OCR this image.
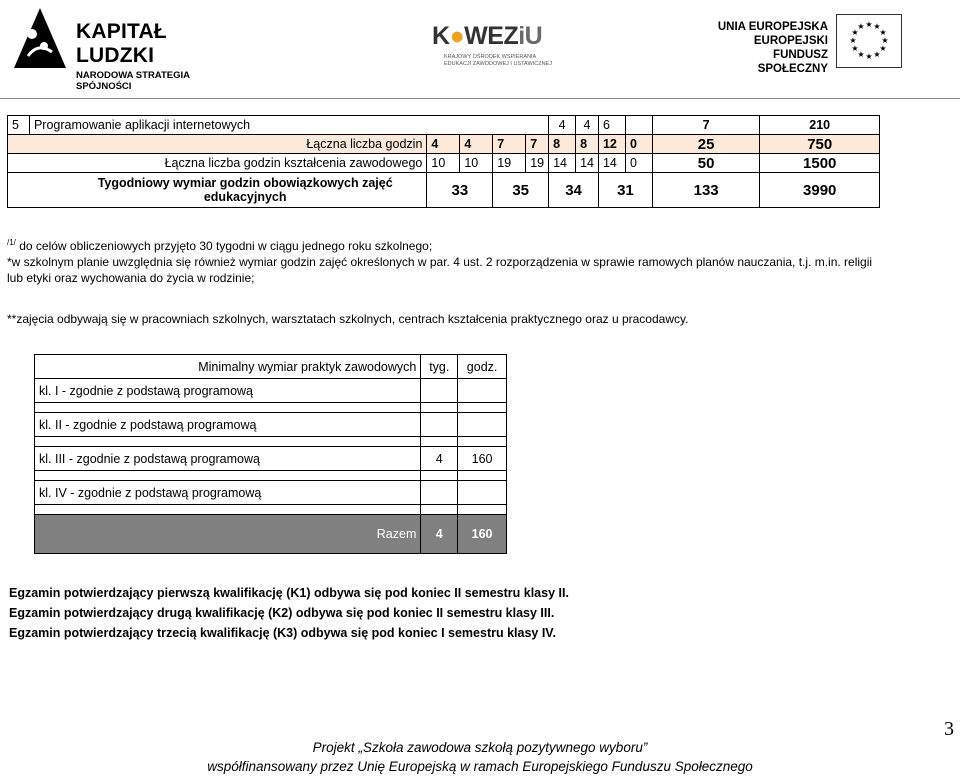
KAPITAŁ LUDZKI
NARODOWA STRATEGIA SPÓJNOŚCI
K●WEZiU
KRAJOWY OŚRODEK WSPIERANIA
EDUKACJI ZAWODOWEJ I USTAWICZNEJ
UNIA EUROPEJSKA
EUROPEJSKI
FUNDUSZ SPOŁECZNY
★ ★
★
★
★
★
★
★
★
★
★
★
5	Programowanie aplikacji internetowych					4	4	6		7	210
Łączna liczba godzin		4	4	7	7	8	8	12	0	25	750
Łączna liczba godzin kształcenia zawodowego		10	10	19	19	14	14	14	0	50	1500
Tygodniowy wymiar godzin obowiązkowych zajęć edukacyjnych		33		35		34		31		133	3990
$^{/1/}$ do celów obliczeniowych przyjęto 30 tygodni w ciągu jednego roku szkolnego;
*w szkolnym planie uwzględnia się również wymiar godzin zajęć określonych w par. 4 ust. 2 rozporządzenia w sprawie ramowych planów nauczania, t.j. m.in. religii lub etyki oraz wychowania do życia w rodzinie;
**zajęcia odbywają się w pracowniach szkolnych, warsztatach szkolnych, centrach kształcenia praktycznego oraz u pracodawcy.
Minimalny wymiar praktyk zawodowych	tyg.	godz.
kl. I - zgodnie z podstawą programową		

kl. II - zgodnie z podstawą programową		

kl. III - zgodnie z podstawą programową	4	160

kl. IV - zgodnie z podstawą programową		

Razem	4	160
Egzamin potwierdzający pierwszą kwalifikację (K1) odbywa się pod koniec II semestru klasy II.
Egzamin potwierdzający drugą kwalifikację (K2) odbywa się pod koniec II semestru klasy III.
Egzamin potwierdzający trzecią kwalifikację (K3) odbywa się pod koniec I semestru klasy IV.
3
Projekt „Szkoła zawodowa szkołą pozytywnego wyboru”
współfinansowany przez Unię Europejską w ramach Europejskiego Funduszu Społecznego
